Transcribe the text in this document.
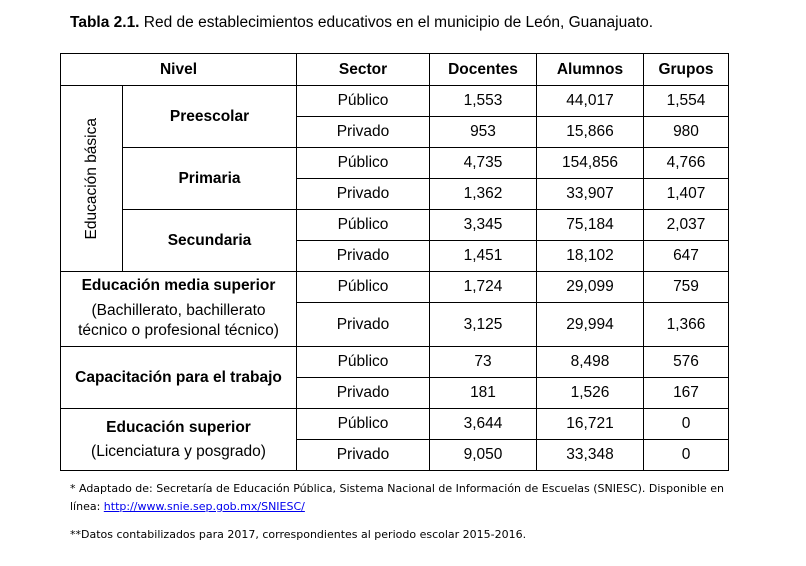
Tabla 2.1. Red de establecimientos educativos en el municipio de León, Guanajuato.
Nivel		Sector	Docentes	Alumnos	Grupos

Educación básica	Preescolar	Público	1,553	44,017	1,554
		Privado	953	15,866	980
	Primaria	Público	4,735	154,856	4,766
		Privado	1,362	33,907	1,407
	Secundaria	Público	3,345	75,184	2,037
		Privado	1,451	18,102	647

Educación media superior
(Bachillerato, bachillerato técnico o profesional técnico)		Público	1,724	29,099	759
		Privado	3,125	29,994	1,366
Capacitación para el trabajo		Público	73	8,498	576
		Privado	181	1,526	167

Educación superior
(Licenciatura y posgrado)		Público	3,644	16,721	0
		Privado	9,050	33,348	0
* Adaptado de: Secretaría de Educación Pública, Sistema Nacional de Información de Escuelas (SNIESC). Disponible en línea: http://www.snie.sep.gob.mx/SNIESC/
**Datos contabilizados para 2017, correspondientes al periodo escolar 2015-2016.
